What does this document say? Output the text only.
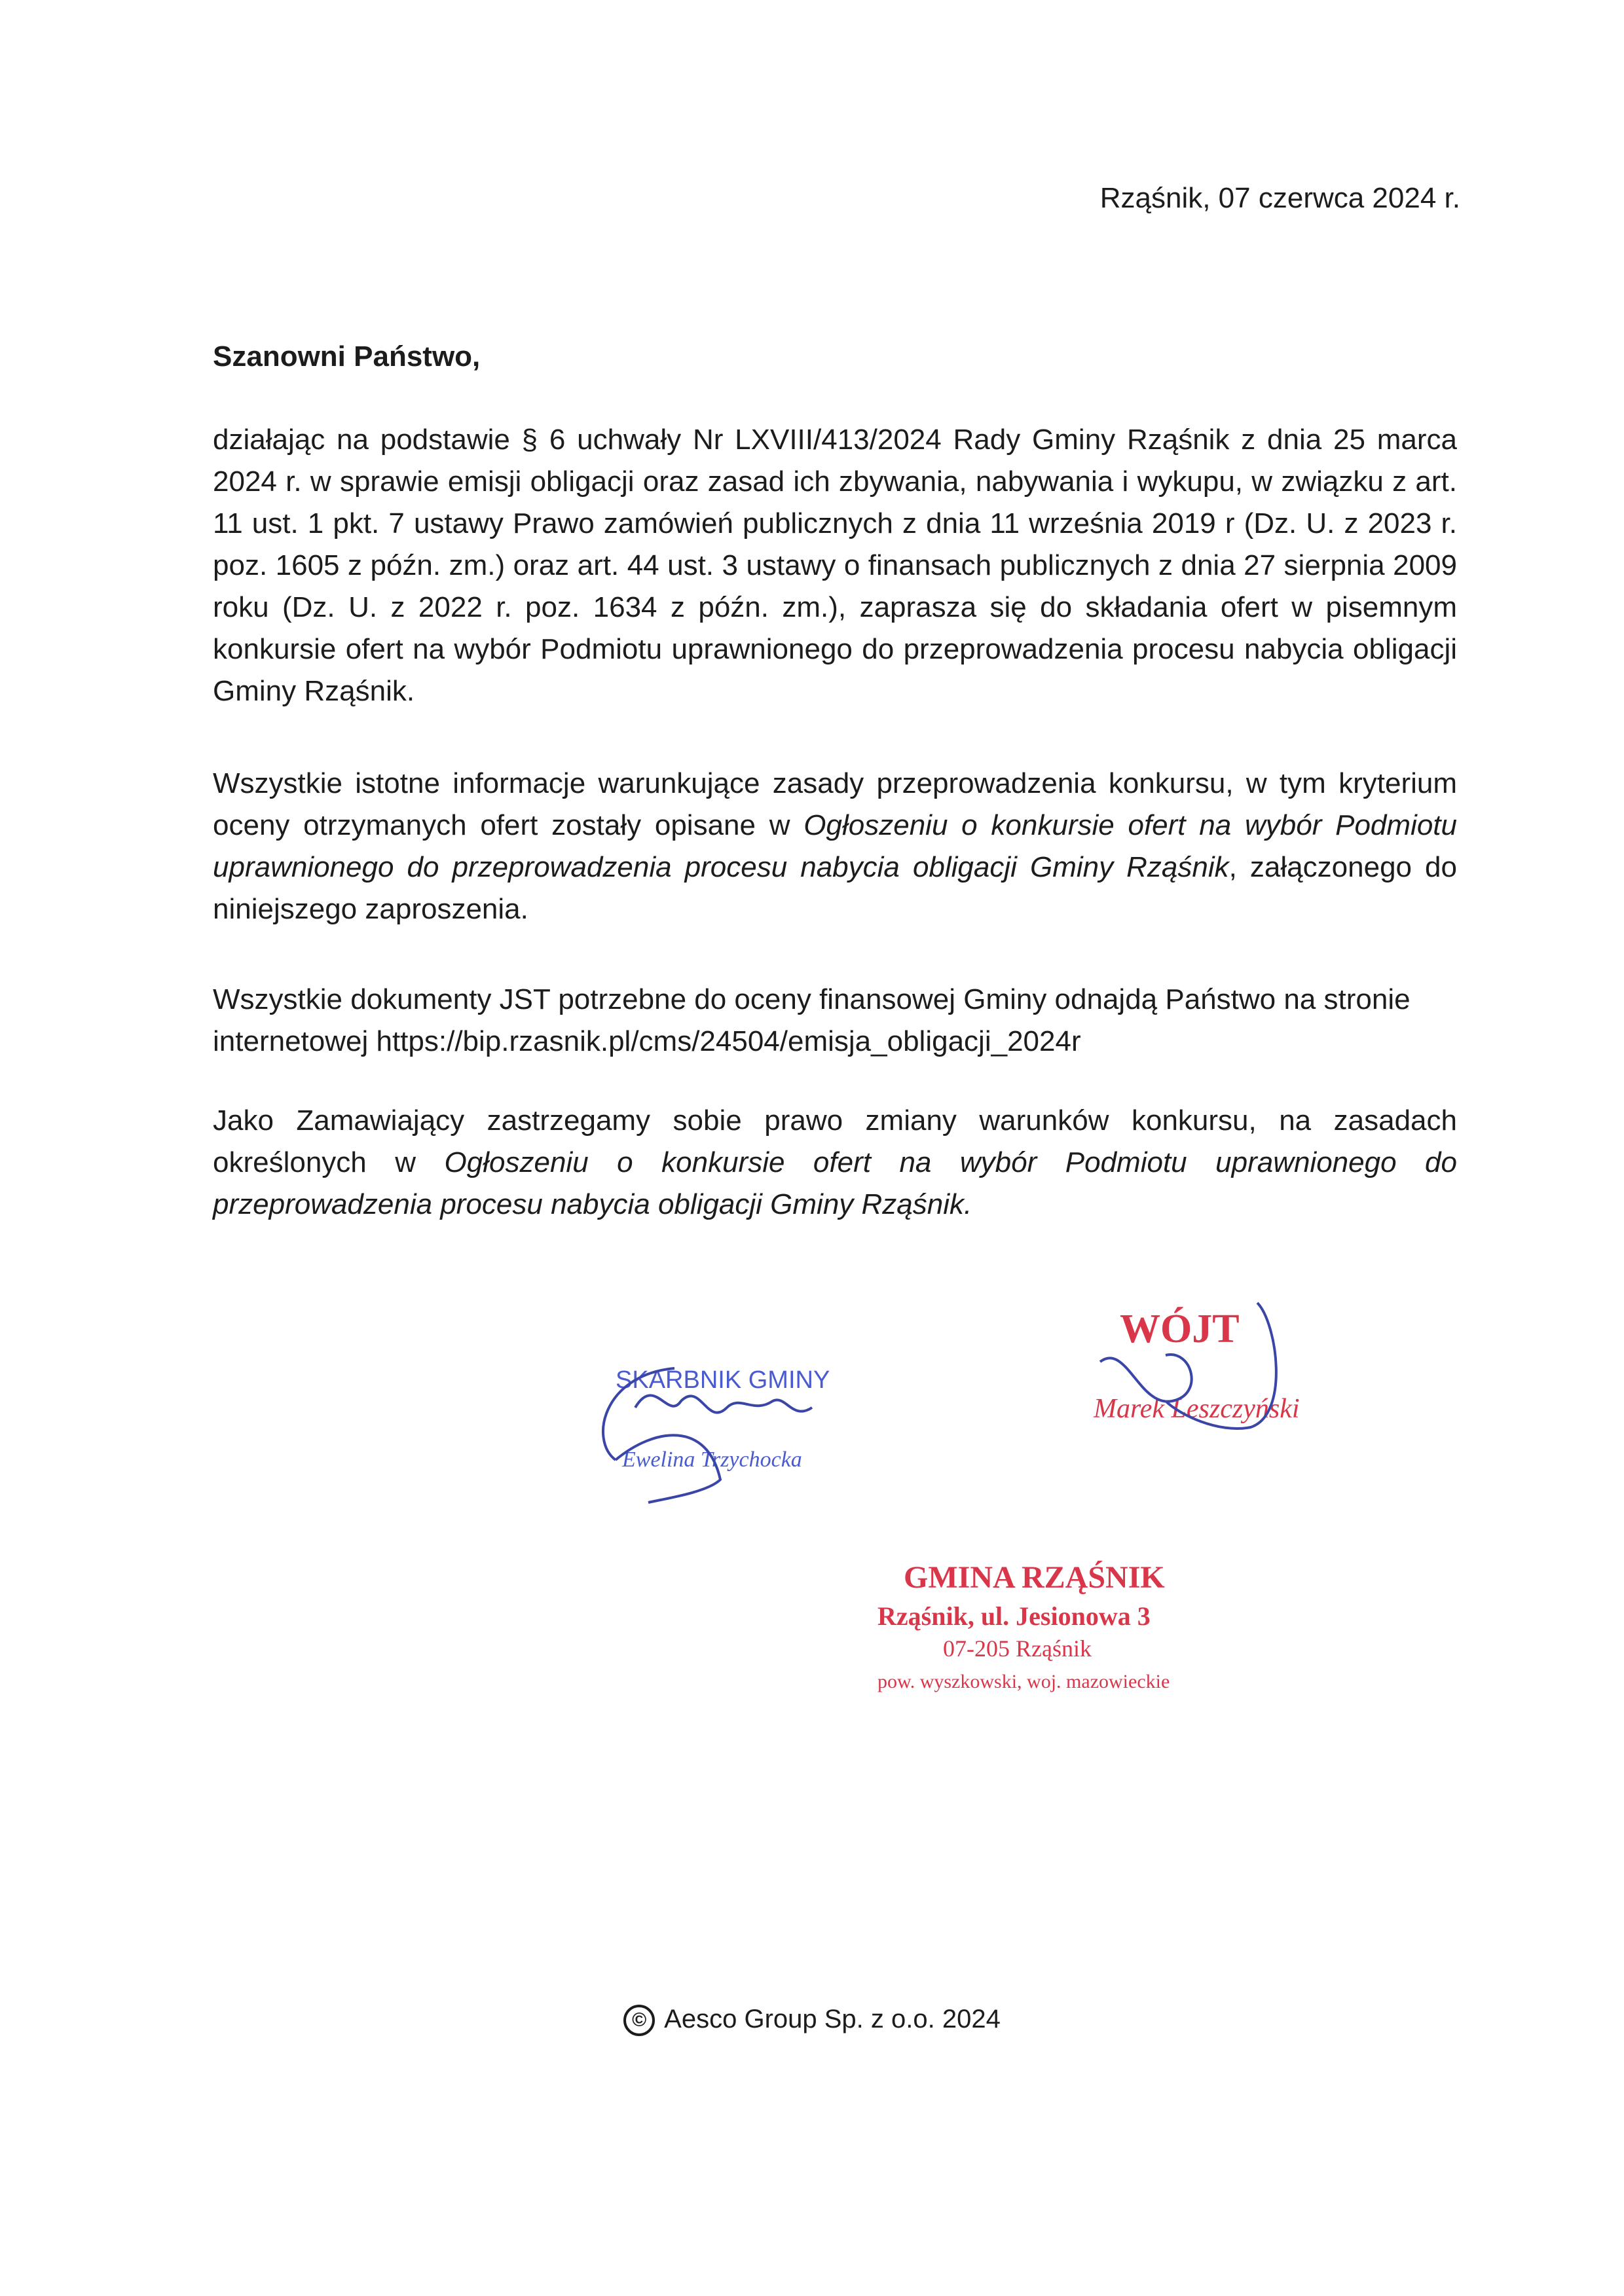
Rząśnik, 07 czerwca 2024 r.
Szanowni Państwo,

działając na podstawie § 6 uchwały Nr LXVIII/413/2024 Rady Gminy Rząśnik z dnia 25 marca 2024 r. w sprawie emisji obligacji oraz zasad ich zbywania, nabywania i wykupu, w związku z art. 11 ust. 1 pkt. 7 ustawy Prawo zamówień publicznych z dnia 11 września 2019 r (Dz. U. z 2023 r. poz. 1605 z późn. zm.) oraz art. 44 ust. 3 ustawy o finansach publicznych z dnia 27 sierpnia 2009 roku (Dz. U. z 2022 r. poz. 1634 z późn. zm.), zaprasza się do składania ofert w pisemnym konkursie ofert na wybór Podmiotu uprawnionego do przeprowadzenia procesu nabycia obligacji Gminy Rząśnik.

Wszystkie istotne informacje warunkujące zasady przeprowadzenia konkursu, w tym kryterium oceny otrzymanych ofert zostały opisane w Ogłoszeniu o konkursie ofert na wybór Podmiotu uprawnionego do przeprowadzenia procesu nabycia obligacji Gminy Rząśnik, załączonego do niniejszego zaproszenia.

Wszystkie dokumenty JST potrzebne do oceny finansowej Gminy odnajdą Państwo na stronie internetowej https://bip.rzasnik.pl/cms/24504/emisja_obligacji_2024r

Jako Zamawiający zastrzegamy sobie prawo zmiany warunków konkursu, na zasadach określonych w Ogłoszeniu o konkursie ofert na wybór Podmiotu uprawnionego do przeprowadzenia procesu nabycia obligacji Gminy Rząśnik.

SKARBNIK GMINY
Ewelina Trzychocka
WÓJT
Marek Leszczyński
GMINA RZĄŚNIK
Rząśnik, ul. Jesionowa 3
07-205 Rząśnik
pow. wyszkowski, woj. mazowieckie
© Aesco Group Sp. z o.o. 2024
